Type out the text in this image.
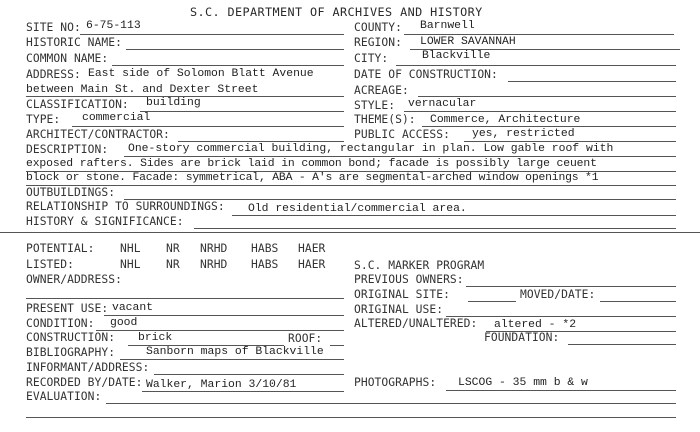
S.C. DEPARTMENT OF ARCHIVES AND HISTORY
SITE NO: 6-75-113	COUNTY: Barnwell
HISTORIC NAME:	REGION: LOWER SAVANNAH
COMMON NAME:	CITY:	Blackville
ADDRESS: East side of Solomon Blatt Avenue	DATE OF CONSTRUCTION:
between Main St. and Dexter Street	ACREAGE:
CLASSIFICATION: building	STYLE: vernacular
TYPE: commercial	THEME(S): Commerce, Architecture
ARCHITECT/CONTRACTOR:	PUBLIC ACCESS: yes, restricted
DESCRIPTION: One-story commercial building, rectangular in plan. Low gable roof with
exposed rafters. Sides are brick laid in common bond; facade is possibly large ceuent
block or stone. Facade: symmetrical, ABA - A's are segmental-arched window openings *1
OUTBUILDINGS:
RELATIONSHIP TO SURROUNDINGS: Old residential/commercial area.
HISTORY & SIGNIFICANCE:
POTENTIAL: NHL NR NRHD HABS HAER
LISTED:	NHL NR NRHD HABS HAER	S.C. MARKER PROGRAM
OWNER/ADDRESS:	PREVIOUS OWNERS:
ORIGINAL SITE:	MOVED/DATE:
PRESENT USE: vacant	ORIGINAL USE:
CONDITION: good	ALTERED/UNALTERED: altered - *2
CONSTRUCTION: brick	ROOF:	FOUNDATION:
BIBLIOGRAPHY:	Sanborn maps of Blackville
INFORMANT/ADDRESS:
RECORDED BY/DATE: Walker, Marion 3/10/81	PHOTOGRAPHS: LSCOG - 35 mm b & w
EVALUATION:
